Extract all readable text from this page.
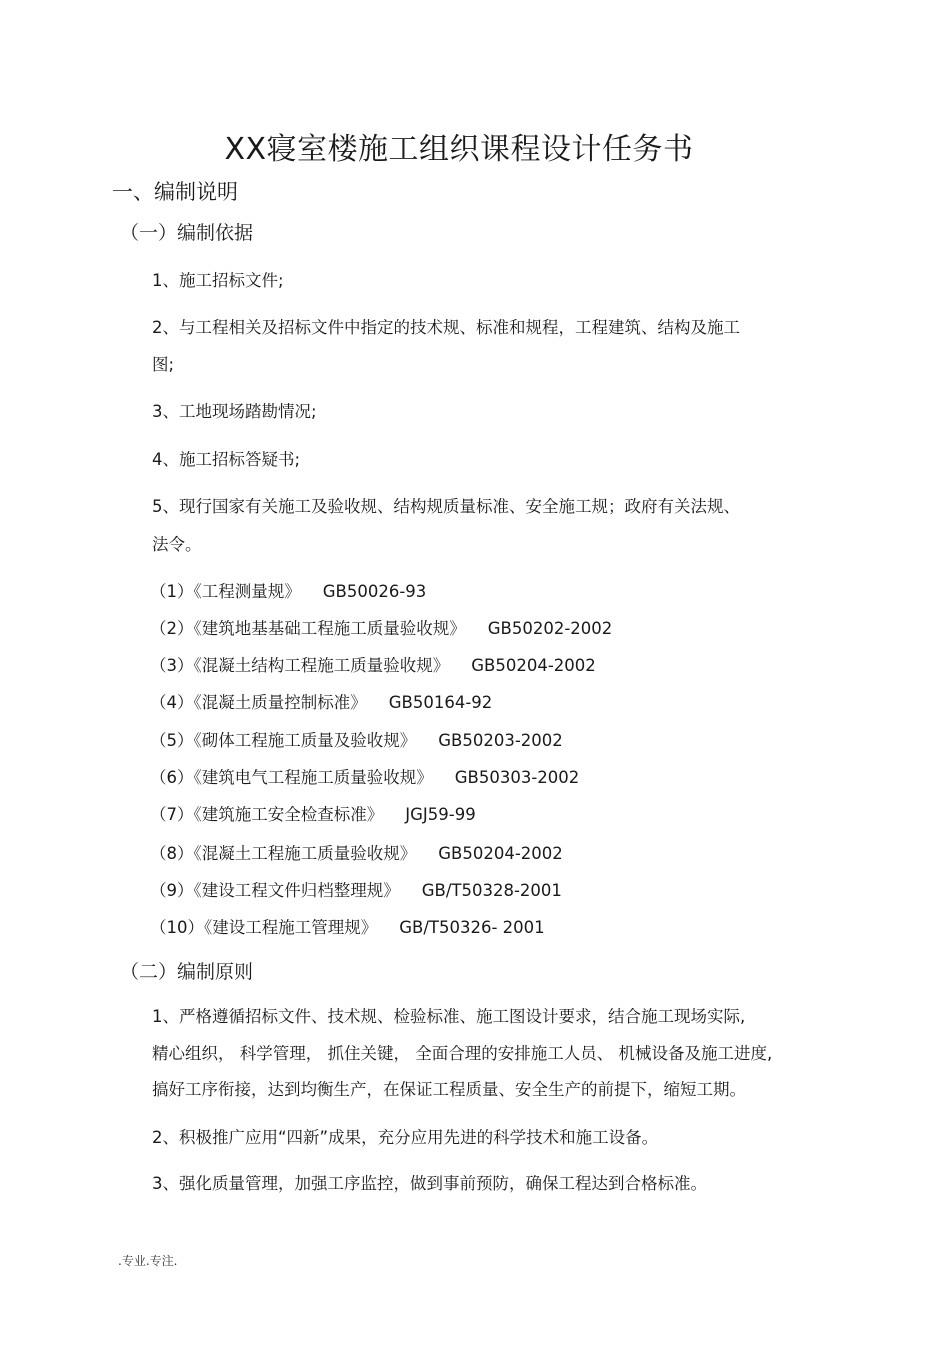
XX寝室楼施工组织课程设计任务书
一、编制说明
（一）编制依据
1、施工招标文件;
2、与工程相关及招标文件中指定的技术规、标准和规程，工程建筑、结构及施工
图;
3、工地现场踏勘情况;
4、施工招标答疑书;
5、现行国家有关施工及验收规、结构规质量标准、安全施工规；政府有关法规、
法令。
（1）《工程测量规》 GB50026-93
（2）《建筑地基基础工程施工质量验收规》 GB50202-2002
（3）《混凝土结构工程施工质量验收规》 GB50204-2002
（4）《混凝土质量控制标准》 GB50164-92
（5）《砌体工程施工质量及验收规》 GB50203-2002
（6）《建筑电气工程施工质量验收规》 GB50303-2002
（7）《建筑施工安全检查标准》 JGJ59-99
（8）《混凝土工程施工质量验收规》 GB50204-2002
（9）《建设工程文件归档整理规》 GB/T50328-2001
（10）《建设工程施工管理规》 GB/T50326- 2001
（二）编制原则
1、严格遵循招标文件、技术规、检验标准、施工图设计要求，结合施工现场实际,
精心组织， 科学管理， 抓住关键， 全面合理的安排施工人员、 机械设备及施工进度,
搞好工序衔接，达到均衡生产，在保证工程质量、安全生产的前提下，缩短工期。
2、积极推广应用“四新”成果，充分应用先进的科学技术和施工设备。
3、强化质量管理，加强工序监控，做到事前预防，确保工程达到合格标准。
.专业.专注.
